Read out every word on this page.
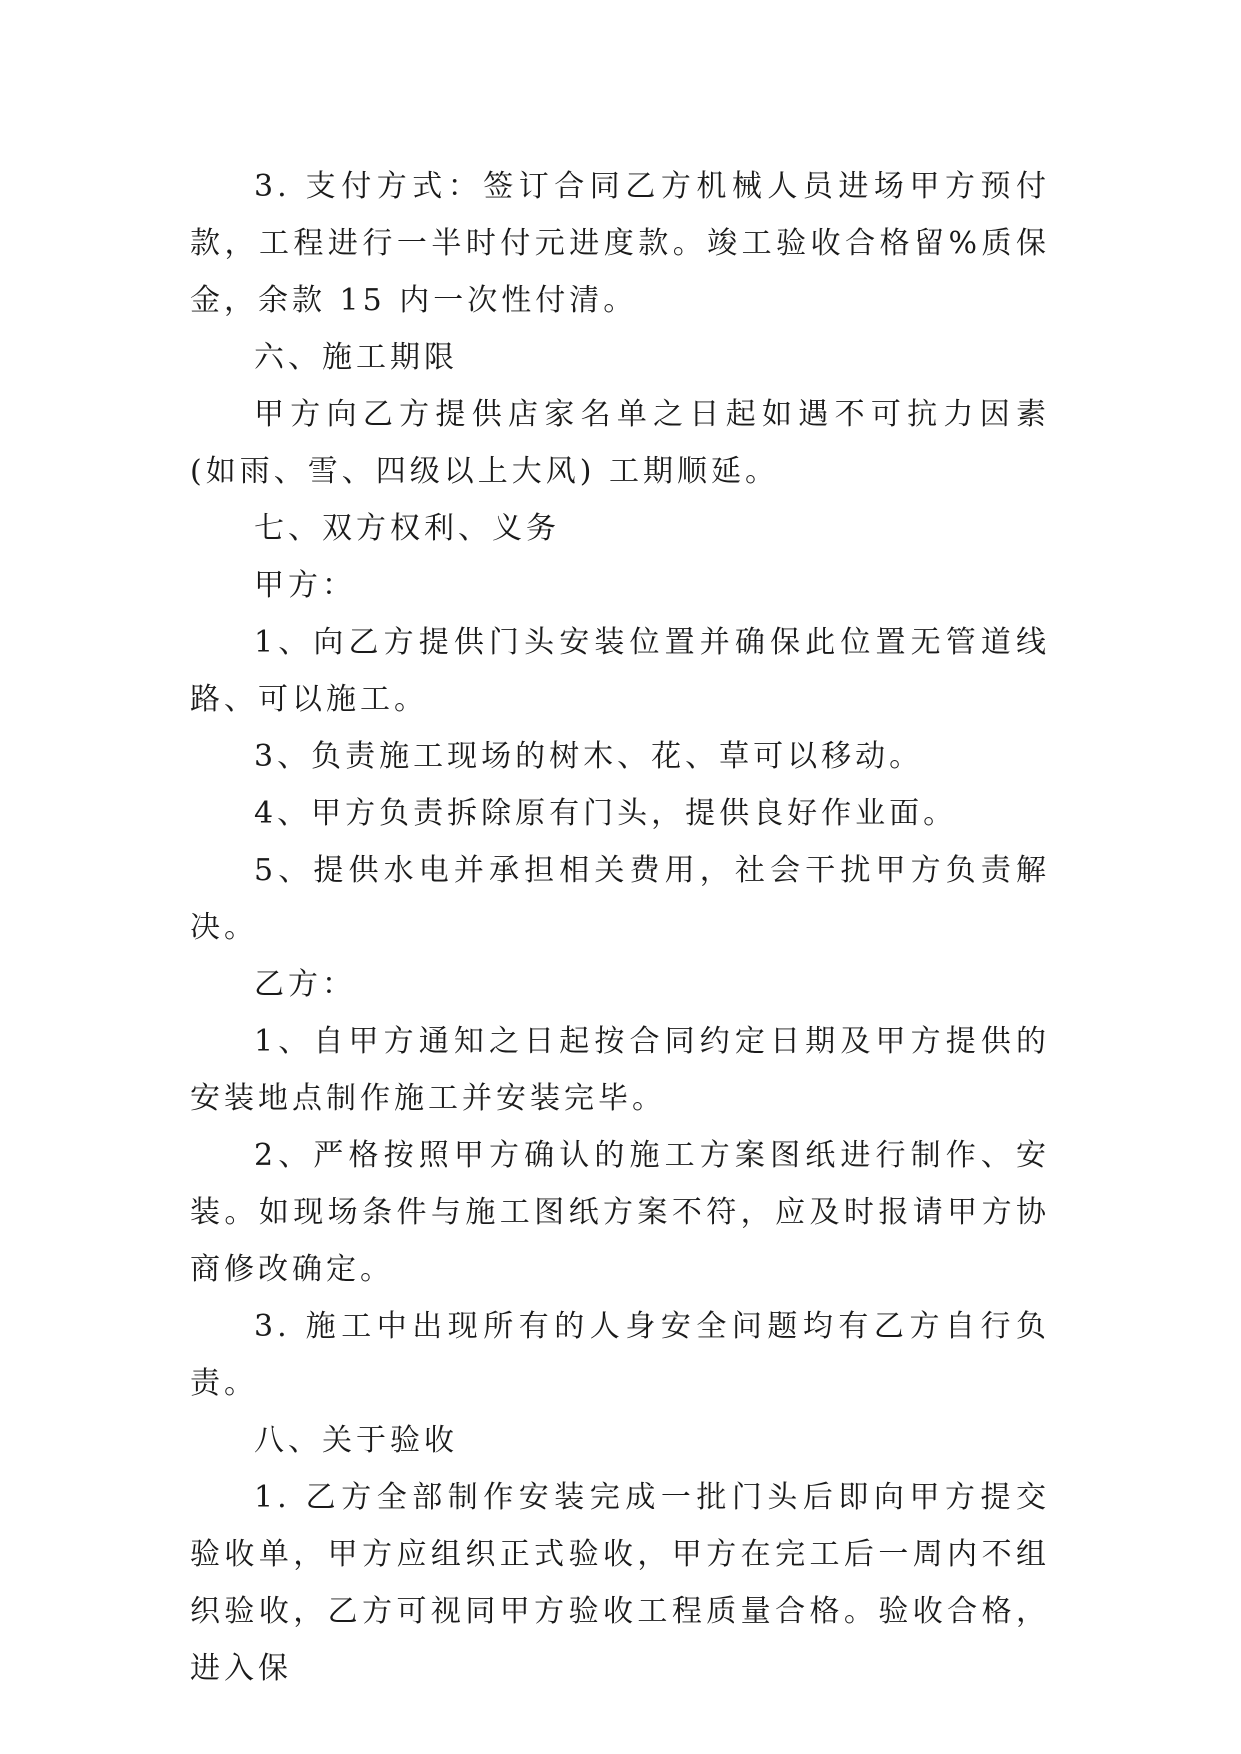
3. 支付方式：签订合同乙方机械人员进场甲方预付款，工程进行一半时付元进度款。竣工验收合格留%质保金，余款 15 内一次性付清。

六、施工期限

甲方向乙方提供店家名单之日起如遇不可抗力因素(如雨、雪、四级以上大风) 工期顺延。

七、双方权利、义务

甲方：

1、向乙方提供门头安装位置并确保此位置无管道线路、可以施工。

3、负责施工现场的树木、花、草可以移动。

4、甲方负责拆除原有门头，提供良好作业面。

5、提供水电并承担相关费用，社会干扰甲方负责解决。

乙方：

1、自甲方通知之日起按合同约定日期及甲方提供的安装地点制作施工并安装完毕。

2、严格按照甲方确认的施工方案图纸进行制作、安装。如现场条件与施工图纸方案不符，应及时报请甲方协商修改确定。

3. 施工中出现所有的人身安全问题均有乙方自行负责。

八、关于验收

1. 乙方全部制作安装完成一批门头后即向甲方提交验收单，甲方应组织正式验收，甲方在完工后一周内不组织验收，乙方可视同甲方验收工程质量合格。验收合格，进入保
